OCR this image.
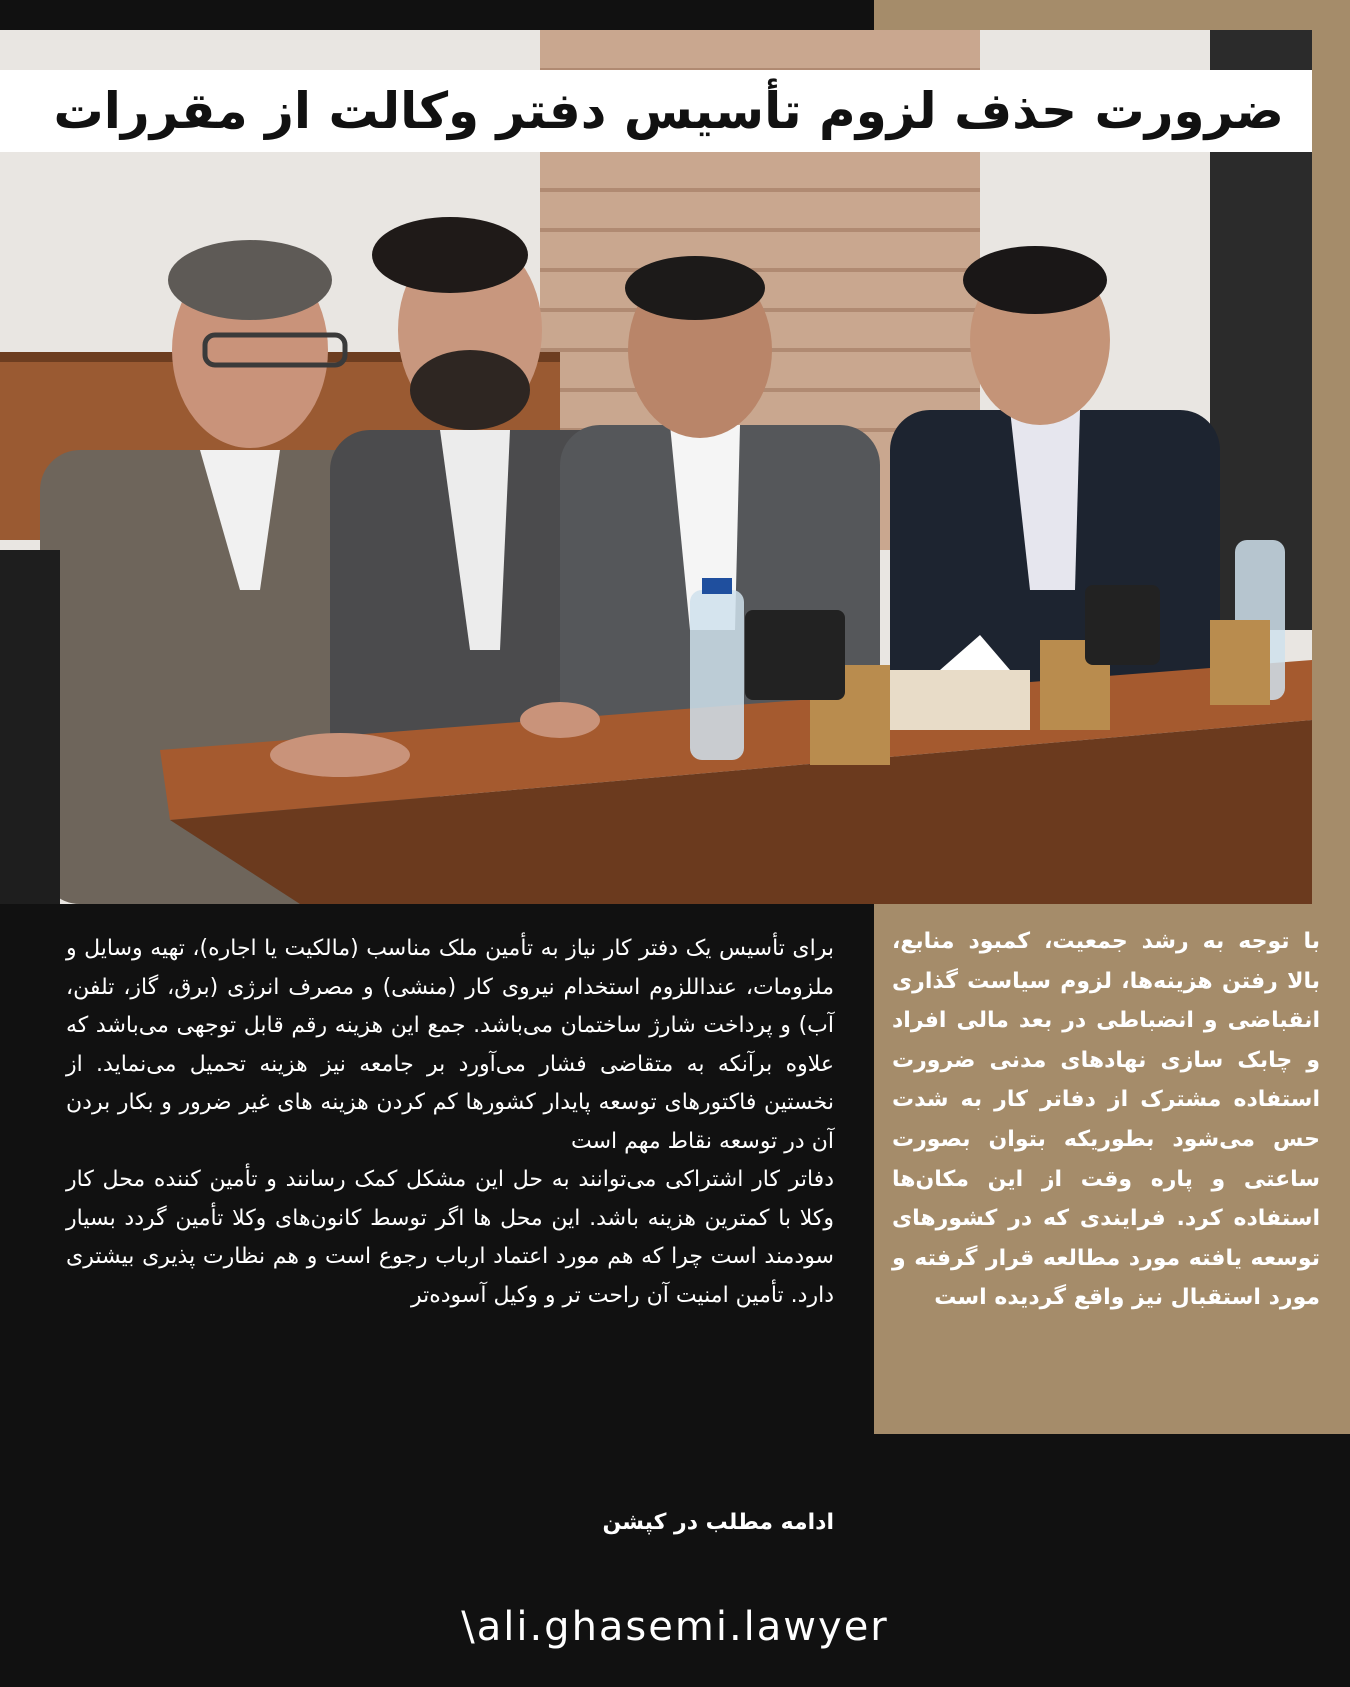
ضرورت حذف لزوم تأسیس دفتر وکالت از مقررات
با توجه به رشد جمعیت، کمبود منابع، بالا رفتن هزینه‌ها، لزوم سیاست گذاری انقباضی و انضباطی در بعد مالی افراد و چابک سازی نهادهای مدنی ضرورت استفاده مشترک از دفاتر کار به شدت حس می‌شود بطوریکه بتوان بصورت ساعتی و پاره وقت از این مکان‌ها استفاده کرد. فرایندی که در کشورهای توسعه یافته مورد مطالعه قرار گرفته و مورد استقبال نیز واقع گردیده است

برای تأسیس یک دفتر کار نیاز به تأمین ملک مناسب (مالکیت یا اجاره)، تهیه وسایل و ملزومات، عنداللزوم استخدام نیروی کار (منشی) و مصرف انرژی (برق، گاز، تلفن، آب) و پرداخت شارژ ساختمان می‌باشد. جمع این هزینه رقم قابل توجهی می‌باشد که علاوه برآنکه به متقاضی فشار می‌آورد بر جامعه نیز هزینه تحمیل می‌نماید. از نخستین فاکتورهای توسعه پایدار کشورها کم کردن هزینه های غیر ضرور و بکار بردن آن در توسعه نقاط مهم است

دفاتر کار اشتراکی می‌توانند به حل این مشکل کمک رسانند و تأمین کننده محل کار وکلا با کمترین هزینه باشد. این محل ها اگر توسط کانون‌های وکلا تأمین گردد بسیار سودمند است چرا که هم مورد اعتماد ارباب رجوع است و هم نظارت پذیری بیشتری دارد. تأمین امنیت آن راحت تر و وکیل آسوده‌تر

ادامه مطلب در کپشن
\ali.ghasemi.lawyer
